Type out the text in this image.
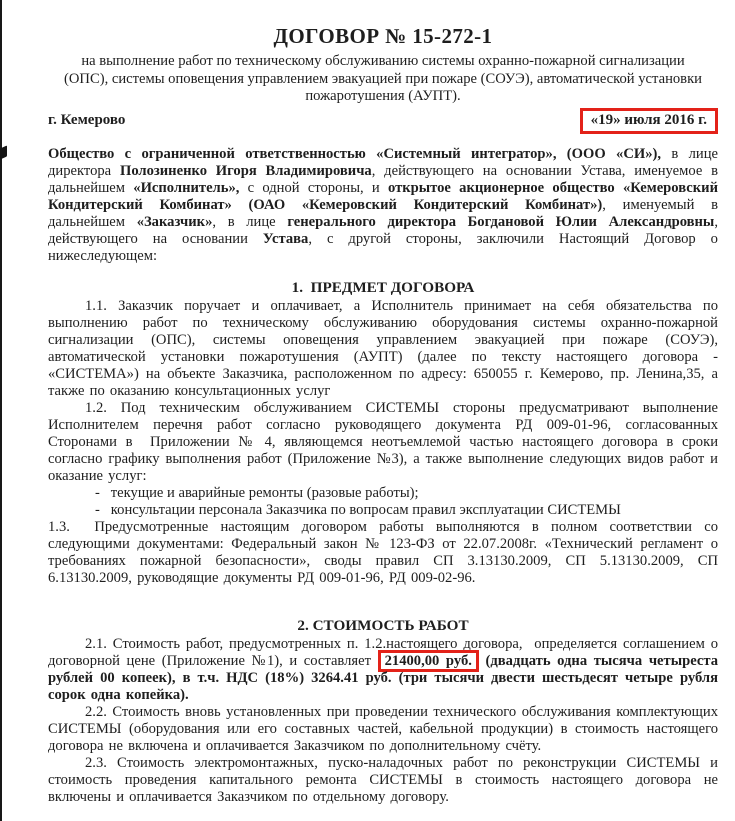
ДОГОВОР № 15-272-1

на выполнение работ по техническому обслуживанию системы охранно-пожарной сигнализации (ОПС), системы оповещения управлением эвакуацией при пожаре (СОУЭ), автоматической установки пожаротушения (АУПТ).

г. Кемерово	«19» июля 2016 г.

Общество с ограниченной ответственностью «Системный интегратор», (ООО «СИ»), в лице директора Полозиненко Игоря Владимировича, действующего на основании Устава, именуемое в дальнейшем «Исполнитель», с одной стороны, и открытое акционерное общество «Кемеровский Кондитерский Комбинат» (ОАО «Кемеровский Кондитерский Комбинат»), именуемый в дальнейшем «Заказчик», в лице генерального директора Богдановой Юлии Александровны, действующего на основании Устава, с другой стороны, заключили Настоящий Договор о нижеследующем:

1.  ПРЕДМЕТ ДОГОВОРА

1.1. Заказчик поручает и оплачивает, а Исполнитель принимает на себя обязательства по выполнению работ по техническому обслуживанию оборудования системы охранно-пожарной сигнализации (ОПС), системы оповещения управлением эвакуацией при пожаре (СОУЭ), автоматической установки пожаротушения (АУПТ) (далее по тексту настоящего договора - «СИСТЕМА») на объекте Заказчика, расположенном по адресу: 650055 г. Кемерово, пр. Ленина,35, а также по оказанию консультационных услуг

1.2. Под техническим обслуживанием СИСТЕМЫ стороны предусматривают выполнение Исполнителем перечня работ согласно руководящего документа РД 009-01-96, согласованных Сторонами в  Приложении № 4, являющемся неотъемлемой частью настоящего договора в сроки согласно графику выполнения работ (Приложение №3), а также выполнение следующих видов работ и оказание услуг:

-   текущие и аварийные ремонты (разовые работы);
-   консультации персонала Заказчика по вопросам правил эксплуатации СИСТЕМЫ

1.3.  Предусмотренные настоящим договором работы выполняются в полном соответствии со следующими документами: Федеральный закон № 123-ФЗ от 22.07.2008г. «Технический регламент о требованиях пожарной безопасности», своды правил СП 3.13130.2009, СП 5.13130.2009, СП 6.13130.2009, руководящие документы РД 009-01-96, РД 009-02-96.

2. СТОИМОСТЬ РАБОТ

2.1. Стоимость работ, предусмотренных п. 1.2.настоящего договора,  определяется соглашением о договорной цене (Приложение №1), и составляет 21400,00 руб. (двадцать одна тысяча четыреста рублей 00 копеек), в т.ч. НДС (18%) 3264.41 руб. (три тысячи двести шестьдесят четыре рубля сорок одна копейка).

2.2. Стоимость вновь установленных при проведении технического обслуживания комплектующих СИСТЕМЫ (оборудования или его составных частей, кабельной продукции) в стоимость настоящего договора не включена и оплачивается Заказчиком по дополнительному счёту.

2.3. Стоимость электромонтажных, пуско-наладочных работ по реконструкции СИСТЕМЫ и стоимость проведения капитального ремонта СИСТЕМЫ в стоимость настоящего договора не включены и оплачивается Заказчиком по отдельному договору.
